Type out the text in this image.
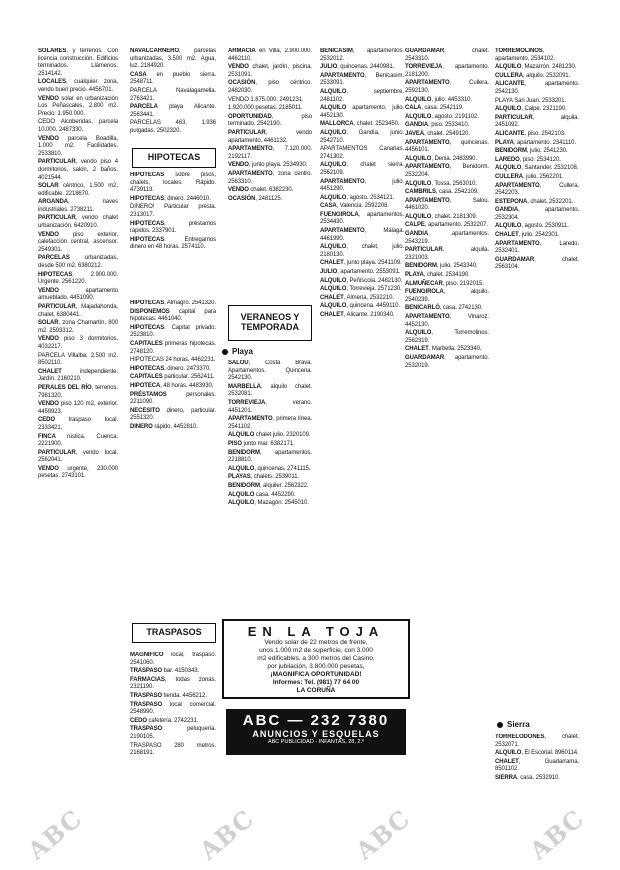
SOLARES, y terrenos. Con licencia construcción. Edificios terminados. Llámenos. 2514142.

LOCALES, cualquier zona, vendo buen precio. 4456701.

VENDO solar en urbanización Los Peñascales, 2.800 m2. Precio: 1.950.000.

CEDO Alcobendas, parcela 10.000. 2487330.

VENDO parcela Boadilla, 1.000 m2. Facilidades. 2533810.

PARTICULAR, vendo piso 4 dormitorios, salón, 2 baños. 4021544.

SOLAR céntrico, 1.500 m2, edificable. 2218670.

ARGANDA, naves industriales. 2738211.

PARTICULAR, vendo chalet urbanización. 6420910.

VENDO piso exterior, calefacción central, ascensor. 2549301.

PARCELAS urbanizadas, desde 500 m2. 6380212.

HIPOTECAS, 2.900.000. Urgente. 2561220.

VENDO apartamento amueblado. 4451090.

PARTICULAR, Majadahonda, chalet. 6380441.

SOLAR, zona Chamartín, 800 m2. 2593312.

VENDO piso 3 dormitorios. 4032217.

PARCELA Villalba, 2.500 m2. 8502110.

CHALET independiente. Jardín. 2160210.

PERALES DEL RÍO, terrenos. 7981320.

VENDO piso 120 m2, exterior. 4459923.

CEDO traspaso local. 2333421.

FINCA rústica. Cuenca. 2221900.

PARTICULAR, vendo local. 2562041.

VENDO urgente, 230.000 pesetas. 2743101.

NAVALCARNERO, parcelas urbanizadas, 3.500 m2. Agua, luz. 2184920.

CASA en pueblo sierra. 2548711.

PARCELA Navalagamella. 2763421.

PARCELA playa Alicante. 2563441.

PARCELAS 463, 1.936 pulgadas. 2502320.

HIPOTECAS

HIPOTECAS sobre pisos, chalets, locales. Rápido. 4739113.

HIPOTECAS, dinero. 2446010.

DINERO! Particular presta. 2313017.

HIPOTECAS, préstamos rápidos. 2337901.

HIPOTECAS. Entregamos dinero en 48 horas. 2574110.

HIPOTECAS, Almagro. 2541320.

DISPONEMOS capital para hipotecas. 4461040.

HIPOTECAS. Capital privado. 2523810.

CAPITALES primeras hipotecas. 2748120.

HIPOTECAS 24 horas. 4462231.

HIPOTECAS, dinero. 2473370.

CAPITALES particular. 2562411.

HIPOTECA, 48 horas. 4483930.

PRÉSTAMOS personales. 2211090.

NECESITO dinero, particular. 2551320.

DINERO rápido. 4452810.

TRASPASOS

MAGNÍFICO local, traspaso. 2541060.

TRASPASO bar. 4150343.

FARMACIAS, todas zonas. 2321190.

TRASPASO tienda. 4456212.

TRASPASO local comercial. 2548990.

CEDO cafetería. 2742231.

TRASPASO peluquería. 2190105.

TRASPASO 280 metros. 2168191.

ARMACIA en Villa, 2.900.000. 4462110.

VENDO chalet, jardín, piscina. 2531091.

OCASIÓN, piso céntrico. 2482030.

VENDO 1.875.000. 2491231.

1.920.000 pesetas. 2185011.

OPORTUNIDAD, piso terminado. 2542190.

PARTICULAR, vendo apartamento. 4461132.

APARTAMENTO, 7.120.000. 2192117.

VENDO, junto playa. 2534930.

APARTAMENTO, zona centro. 2563310.

VENDO chalet. 6382230.

OCASIÓN, 2481125.

VERANEOS Y TEMPORADA
Playa

SALOU, Costa Brava. Apartamentos. Quincena. 2542130.

MARBELLA, alquilo chalet. 2532081.

TORREVIEJA, verano. 4451201.

APARTAMENTO, primera línea. 2541102.

ALQUILO chalet julio. 2320109.

PISO junto mar. 6382171.

BENIDORM, apartamentos. 2218810.

ALQUILO, quincenas. 2741115.

PLAYAS, chalets. 2539011.

BENIDORM, alquiler. 2562322.

ALQUILO casa. 4452290.

ALQUILO, Mazagón. 2545010.

BENICASIM, apartamentos. 2532012.

JULIO, quincenas. 2440981.

APARTAMENTO, Benicasim. 2533091.

ALQUILO, septiembre. 2481102.

ALQUILO apartamento, julio. 4452130.

MALLORCA, chalet. 2523450.

ALQUILO, Gandía, junio. 2542710.

APARTAMENTOS Canarias. 2741302.

ALQUILO, chalet sierra. 2562109.

APARTAMENTO, julio. 4451290.

ALQUILO, agosto. 2534121.

CASA, Valencia. 2592208.

FUENGIROLA, apartamentos. 2534430.

APARTAMENTO, Málaga. 4461990.

ALQUILO, chalet, julio. 2180130.

CHALET, junto playa. 2541109.

JULIO, apartamento. 2553091.

ALQUILO, Peñíscola. 2482130.

ALQUILO, Torrevieja. 2571230.

CHALET, Almería. 2532210.

ALQUILO, quincena. 4459110.

CHALET, Alicante. 2190340.

GUARDAMAR, chalet. 2543310.

TORREVIEJA, apartamento. 2181200.

APARTAMENTO, Cullera. 2592130.

ALQUILO, julio. 4453310.

CALA, casa. 2542119.

ALQUILO, agosto. 2191102.

GANDIA, piso. 2533410.

JAVEA, chalet. 2549120.

APARTAMENTO, quincenas. 4456101.

ALQUILO, Denia. 2483990.

APARTAMENTO, Benidorm. 2532204.

ALQUILO, Tossa. 2563010.

CAMBRILS, casa. 2542109.

APARTAMENTO, Salou. 4461020.

ALQUILO, chalet. 2181309.

CALPE, apartamento. 2532207.

GANDIA, apartamentos. 2543219.

PARTICULAR, alquila. 2321003.

BENIDORM, julio. 2543340.

PLAYA, chalet. 2534190.

ALMUÑECAR, piso. 2192015.

FUENGIROLA, alquilo. 2540239.

BENICARLÓ, casa. 2742130.

APARTAMENTO, Vinaroz. 4452130.

ALQUILO, Torremolinos. 2562319.

CHALET, Marbella. 2523340.

GUARDAMAR, apartamento. 2532019.

TORREMOLINOS, apartamento. 2534102.

ALQUILO, Mazarrón. 2481230.

CULLERA, alquilo. 2532091.

ALICANTE, apartamento. 2542130.

PLAYA San Juan. 2533201.

ALQUILO, Calpe. 2321190.

PARTICULAR, alquila. 2451092.

ALICANTE, piso. 2542103.

PLAYA, apartamento. 2341110.

BENIDORM, julio. 2541230.

LAREDO, piso. 2534120.

ALQUILO, Santander. 2532108.

CULLERA, julio. 2562201.

APARTAMENTO, Cullera. 2542203.

ESTEPONA, chalet. 2532201.

GANDIA, apartamento. 2532304.

ALQUILO, agosto. 2530911.

CHALET, julio. 2542301.

APARTAMENTO, Laredo. 2532401.

GUARDAMAR, chalet. 2563104.

Sierra

TORRELODONES, chalet. 2532071.

ALQUILO, El Escorial. 8960114.

CHALET, Guadarrama. 8501102.

SIERRA, casa. 2532910.

EN LA TOJA
Vendo solar de 22 metros de frente,
unos 1.000 m2 de superficie, con 3.000
m2 edificables, a 300 metros del Casino,
por jubilación, 3.800.000 pesetas,
¡MAGNIFICA OPORTUNIDAD!
Informes: Tel. (981) 77 64 00
LA CORUÑA
ABC — 232 7380
ANUNCIOS Y ESQUELAS
ABC PUBLICIDAD - INFANTAS, 28, 2.º
ABC	ABC	ABC
ABC
